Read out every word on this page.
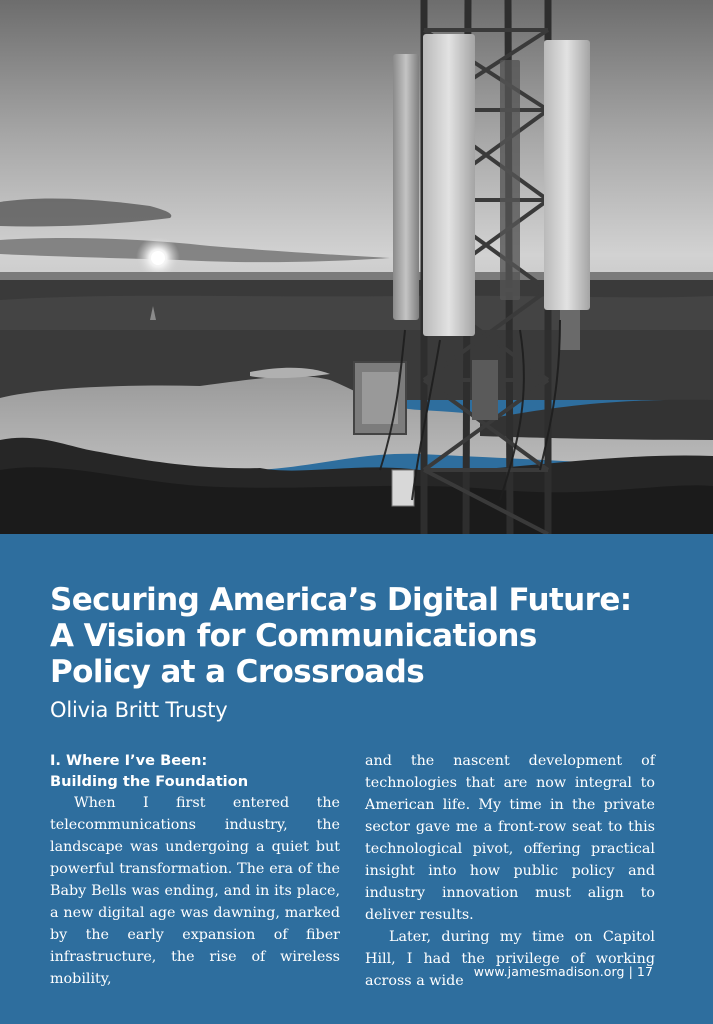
Securing America’s Digital Future:
A Vision for Communications
Policy at a Crossroads

Olivia Britt Trusty

I. Where I’ve Been:
Building the Foundation

When I first entered the telecommunications industry, the landscape was undergoing a quiet but powerful transformation. The era of the Baby Bells was ending, and in its place, a new digital age was dawning, marked by the early expansion of fiber infrastructure, the rise of wireless mobility,

and the nascent development of technologies that are now integral to American life. My time in the private sector gave me a front-row seat to this technological pivot, offering practical insight into how public policy and industry innovation must align to deliver results.

Later, during my time on Capitol Hill, I had the privilege of working across a wide

www.jamesmadison.org | 17
